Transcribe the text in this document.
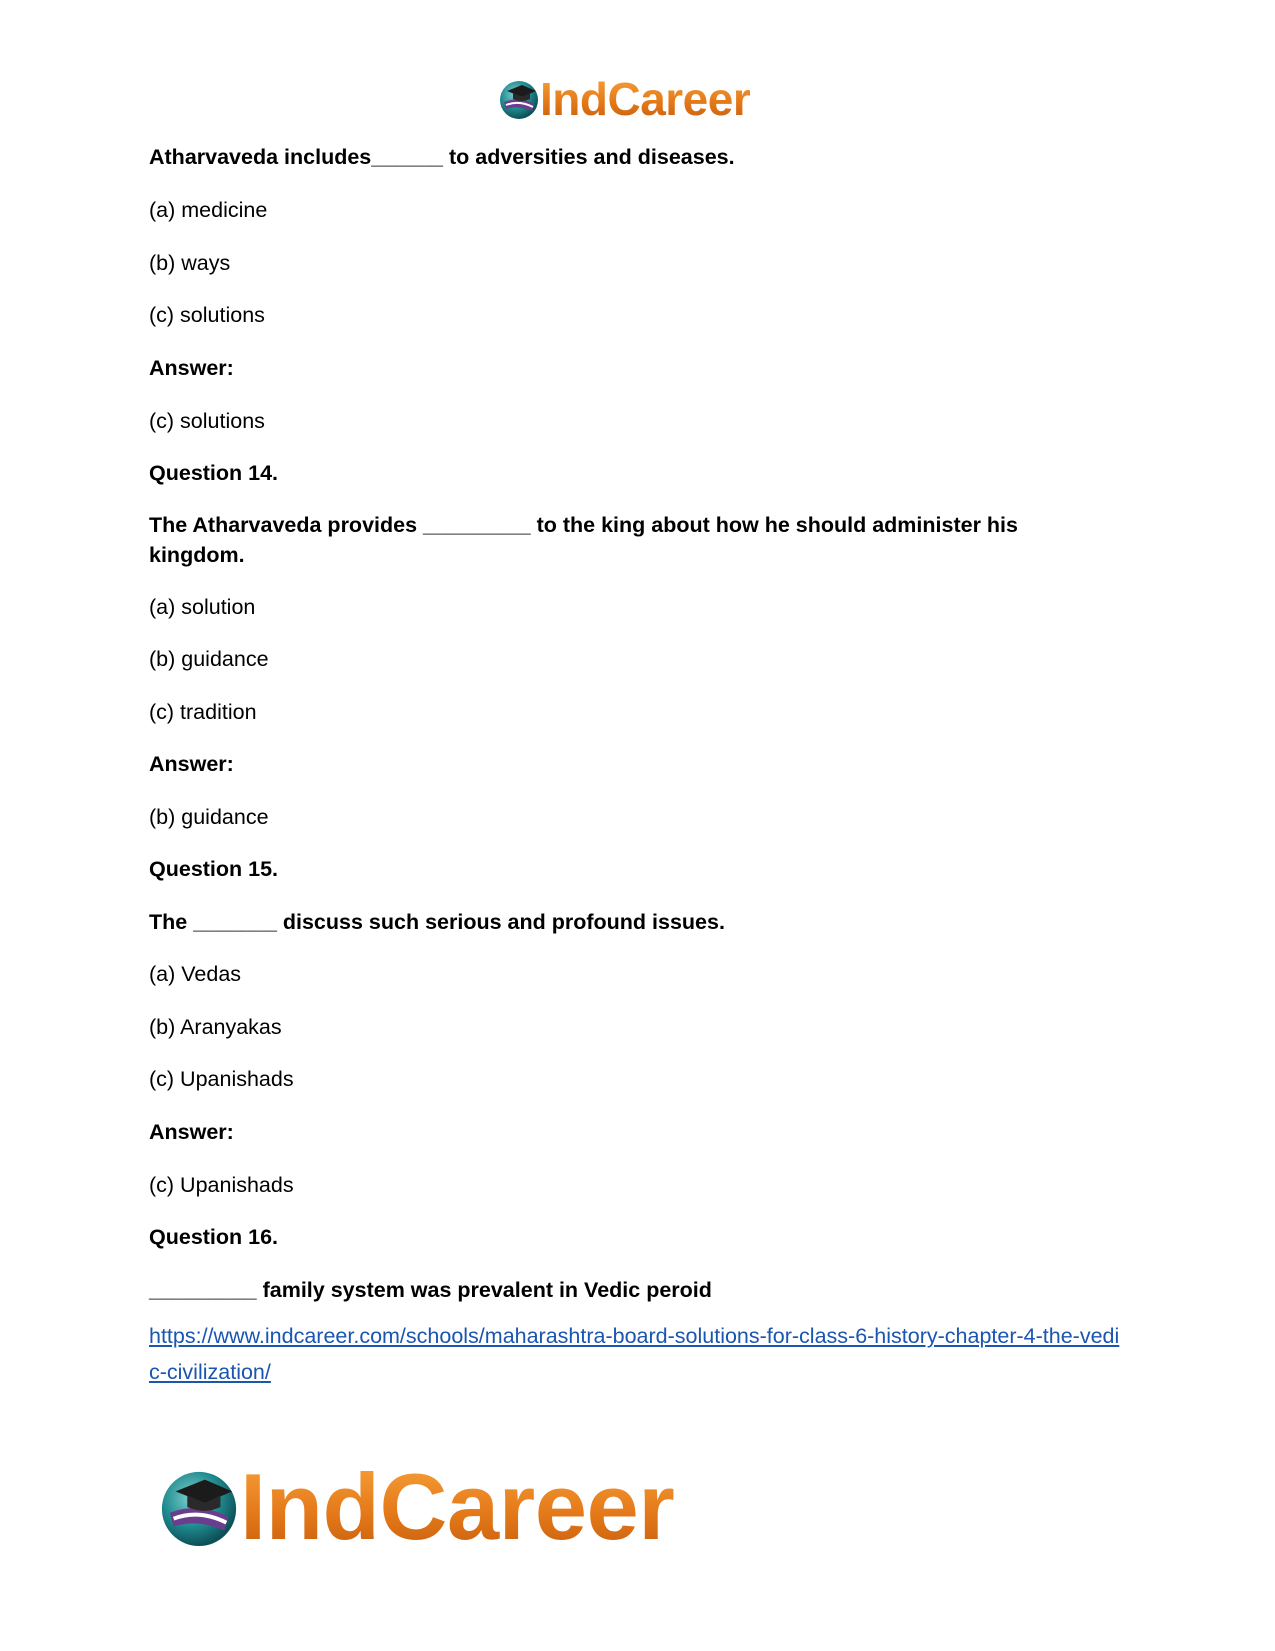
IndCareer

Atharvaveda includes______ to adversities and diseases.

(a) medicine

(b) ways

(c) solutions

Answer:

(c) solutions

Question 14.

The Atharvaveda provides _________ to the king about how he should administer his kingdom.

(a) solution

(b) guidance

(c) tradition

Answer:

(b) guidance

Question 15.

The _______ discuss such serious and profound issues.

(a) Vedas

(b) Aranyakas

(c) Upanishads

Answer:

(c) Upanishads

Question 16.

_________ family system was prevalent in Vedic peroid

https://www.indcareer.com/schools/maharashtra-board-solutions-for-class-6-history-chapter-4-the-vedic-civilization/
IndCareer
